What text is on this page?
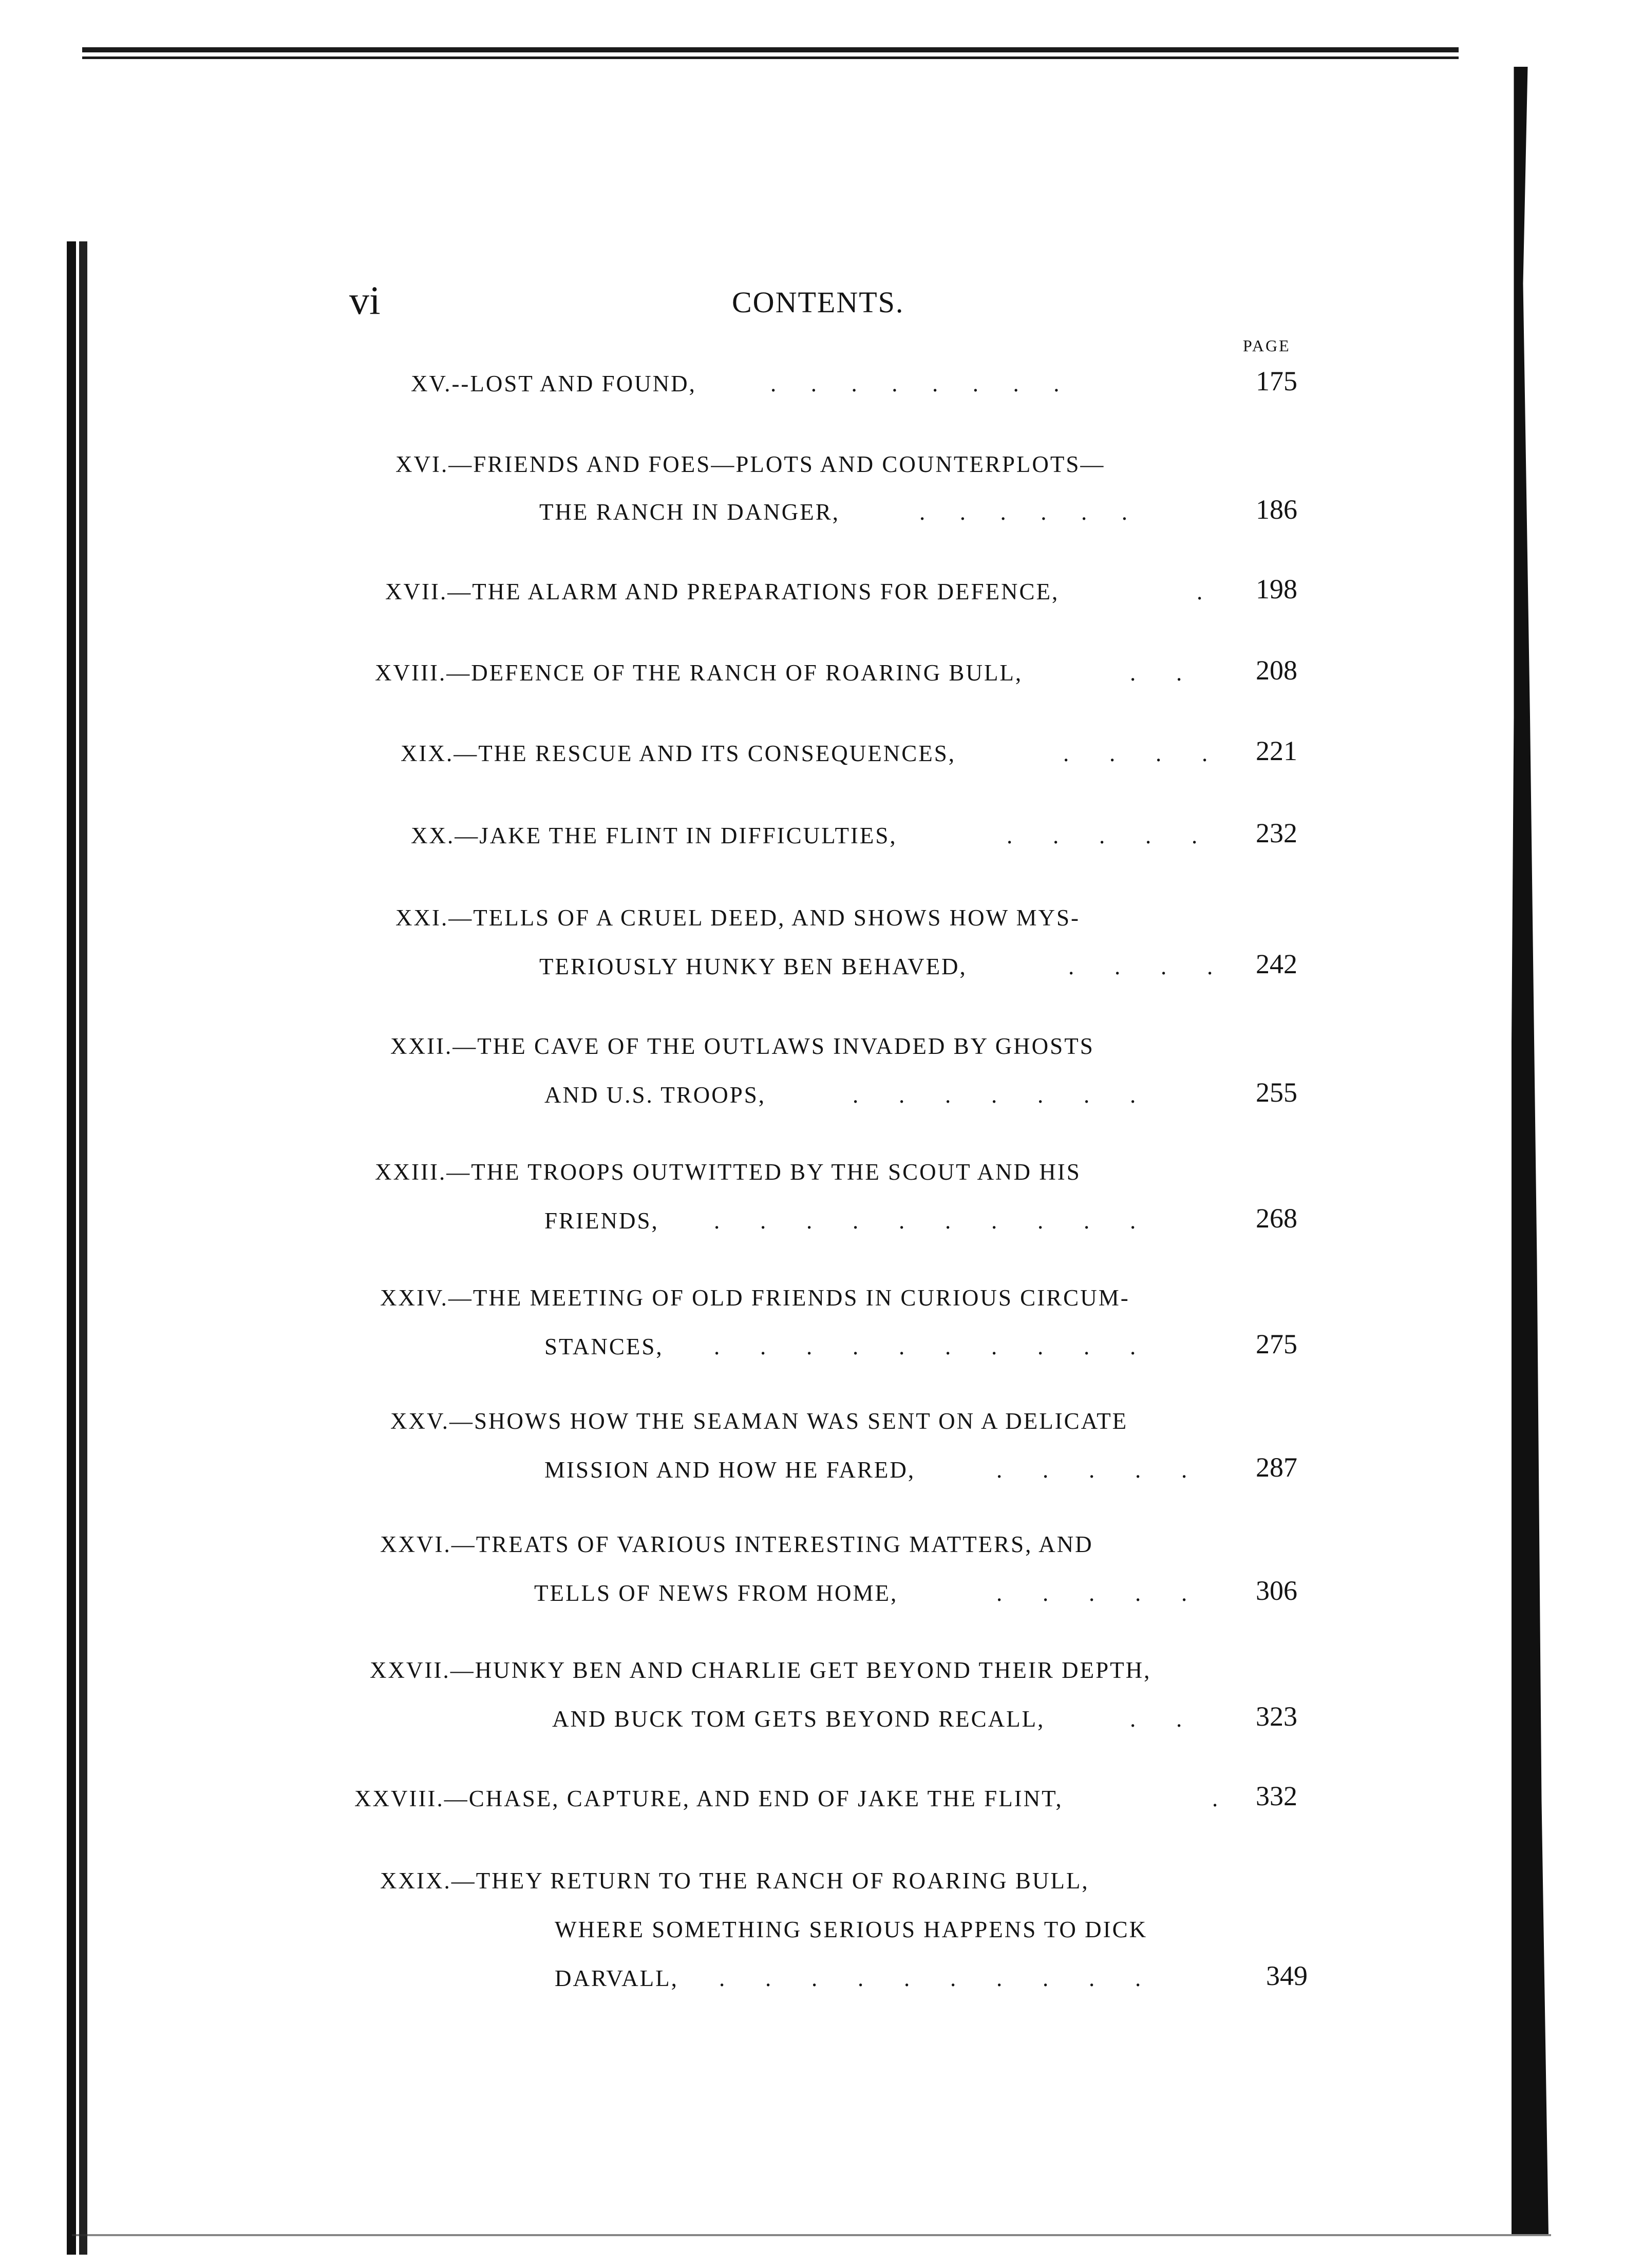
vi	CONTENTS.
PAGE
XV.--LOST AND FOUND,	.      .      .      .      .      .      .      .	175
XVI.—FRIENDS AND FOES—PLOTS AND COUNTERPLOTS—
THE RANCH IN DANGER,	.      .      .      .      .      .	186
XVII.—THE ALARM AND PREPARATIONS FOR DEFENCE,	. 198
XVIII.—DEFENCE OF THE RANCH OF ROARING BULL,	.       .	208
XIX.—THE RESCUE AND ITS CONSEQUENCES,	.       .       .       . 221
XX.—JAKE THE FLINT IN DIFFICULTIES,	.       .       .       .       . 232
XXI.—TELLS OF A CRUEL DEED, AND SHOWS HOW MYS-
TERIOUSLY HUNKY BEN BEHAVED,	.       .       .       . 242
XXII.—THE CAVE OF THE OUTLAWS INVADED BY GHOSTS
AND U.S. TROOPS,	.       .       .       .       .       .       .	255
XXIII.—THE TROOPS OUTWITTED BY THE SCOUT AND HIS
FRIENDS, .       .       .       .       .       .       .       .       .       .	268
XXIV.—THE MEETING OF OLD FRIENDS IN CURIOUS CIRCUM-
STANCES, .       .       .       .       .       .       .       .       .       .	275
XXV.—SHOWS HOW THE SEAMAN WAS SENT ON A DELICATE
MISSION AND HOW HE FARED,	.       .       .       .       . 287
XXVI.—TREATS OF VARIOUS INTERESTING MATTERS, AND
TELLS OF NEWS FROM HOME,	.       .       .       .       . 306
XXVII.—HUNKY BEN AND CHARLIE GET BEYOND THEIR DEPTH,
AND BUCK TOM GETS BEYOND RECALL,	.       .	323
XXVIII.—CHASE, CAPTURE, AND END OF JAKE THE FLINT,	. 332
XXIX.—THEY RETURN TO THE RANCH OF ROARING BULL,
WHERE SOMETHING SERIOUS HAPPENS TO DICK
DARVALL, .       .       .       .       .       .       .       .       .       .	349
